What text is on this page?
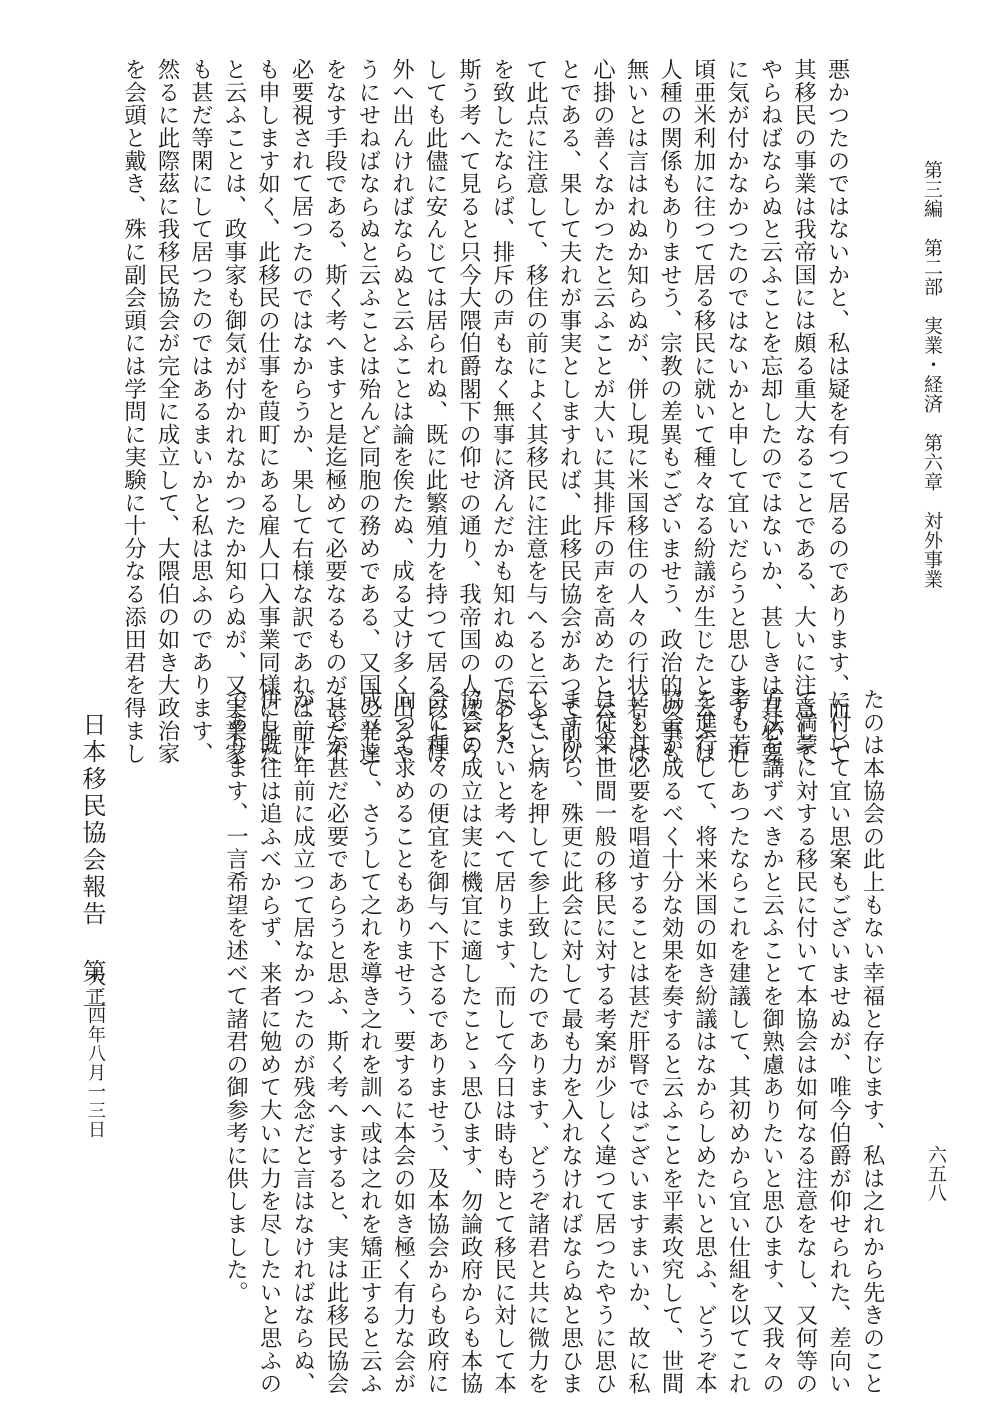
第三編　第二部　実業・経済　第六章　対外事業
六五八
悪かつたのではないかと、私は疑を有つて居るのであります、而して
其移民の事業は我帝国には頗る重大なることである、大いに注意して
やらねばならぬと云ふことを忘却したのではないか、甚しきは其必要
に気が付かなかつたのではないかと申して宜いだらうと思ひます、近
頃亜米利加に往つて居る移民に就いて種々なる紛議が生じたと云ふは
人種の関係もありませう、宗教の差異もございませう、政治的の事も
無いとは言はれぬか知らぬが、併し現に米国移住の人々の行状若くは
心掛の善くなかつたと云ふことが大いに其排斥の声を高めたと云ふこ
とである、果して夫れが事実としますれば、此移民協会があつて前以
て此点に注意して、移住の前によく其移民に注意を与へると云ふこと
を致したならば、排斥の声もなく無事に済んだかも知れぬのである、
斯う考へて見ると只今大隈伯爵閣下の仰せの通り、我帝国の人はどう
しても此儘に安んじては居られぬ、既に此繁殖力を持つて居る以上は
外へ出んければならぬと云ふことは論を俟たぬ、成る丈け多く出るや
うにせねばならぬと云ふことは殆んど同胞の務めである、又国の発達
をなす手段である、斯く考へますと是迄極めて必要なるものが甚だ不
必要視されて居つたのではなからうか、果して右様な訳であれば前に
も申します如く、此移民の仕事を葭町にある雇人口入事業同様に見た
と云ふことは、政事家も御気が付かれなかつたか知らぬが、又実業家
も甚だ等閑にして居つたのではあるまいかと私は思ふのであります、
然るに此際茲に我移民協会が完全に成立して、大隈伯の如き大政治家
を会頭と戴き、殊に副会頭には学問に実験に十分なる添田君を得まし
たのは本協会の此上もない幸福と存じます、私は之れから先きのこと
に付いて宜い思案もございませぬが、唯今伯爵が仰せられた、差向い
て満蒙に対する移民に付いて本協会は如何なる注意をなし、又何等の
方法を講ずべきかと云ふことを御熟慮ありたいと思ひます、又我々の
考も若しあつたならこれを建議して、其初めから宜い仕組を以てこれ
を進行して、将来米国の如き紛議はなからしめたいと思ふ、どうぞ本
協会が成るべく十分な効果を奏すると云ふことを平素攻究して、世間
にも其必要を唱道することは甚だ肝腎ではございますまいか、故に私
は従来世間一般の移民に対する考案が少しく違つて居つたやうに思ひ
ますから、殊更に此会に対して最も力を入れなければならぬと思ひま
して、病を押して参上致したのであります、どうぞ諸君と共に微力を
尽したいと考へて居ります、而して今日は時も時とて移民に対して本
協会の成立は実に機宜に適したことゝ思ひます、勿論政府からも本協
会に種々の便宜を御与へ下さるでありませう、及本協会からも政府に
向つて求めることもありませう、要するに本会の如き極く有力な会が
成立して、さうして之れを導き之れを訓へ或は之れを矯正すると云ふ
ことが甚だ必要であらうと思ふ、斯く考へますると、実は此移民協会
が二十年前に成立つて居なかつたのが残念だと言はなければならぬ、
併し既往は追ふべからず、来者に勉めて大いに力を尽したいと思ふの
であります、一言希望を述べて諸君の御参考に供しました。
日本移民協会報告 第二
大正四年八月一三日
